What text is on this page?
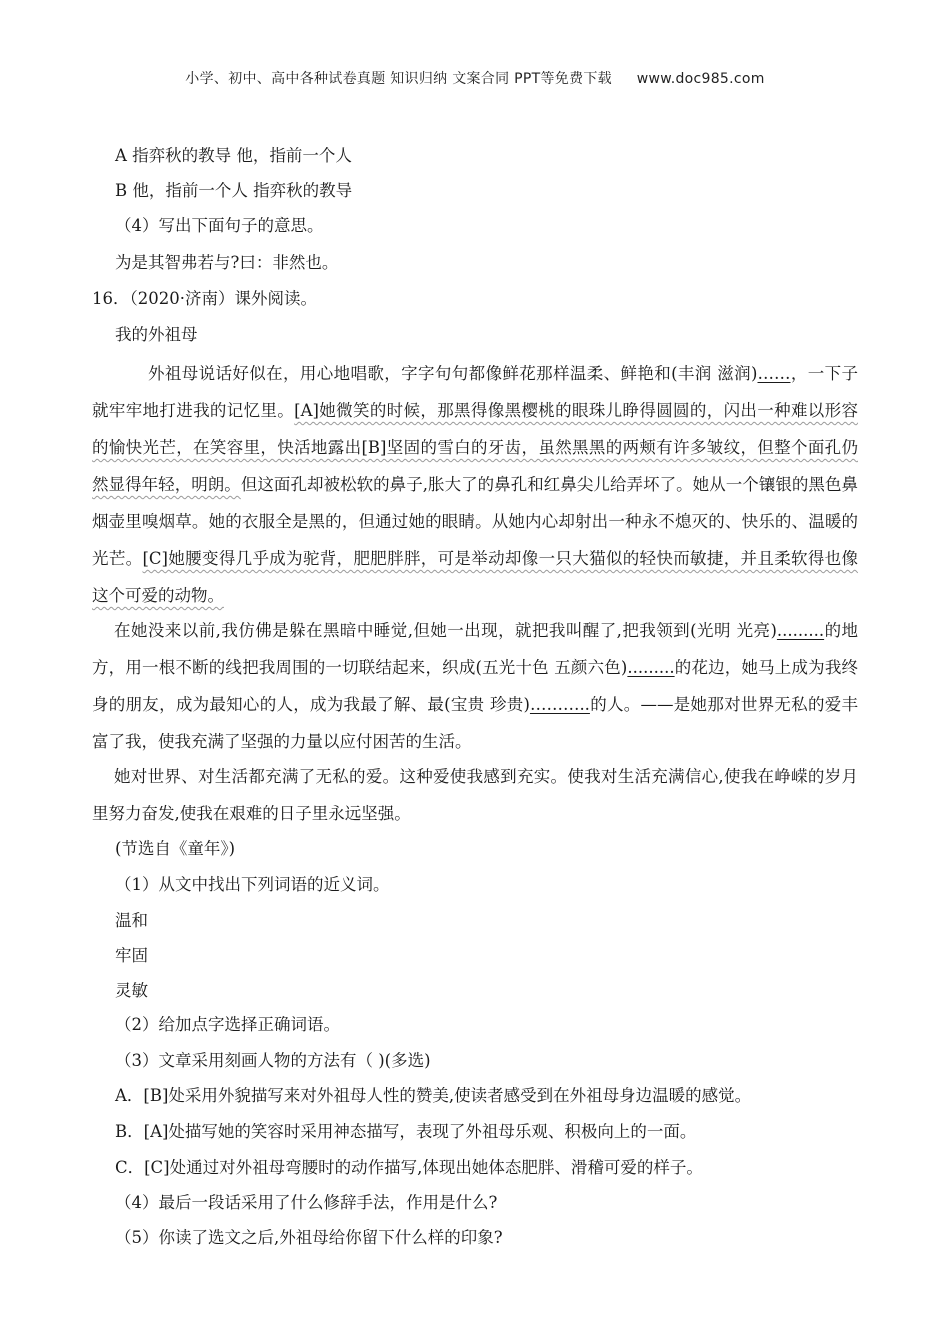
小学、初中、高中各种试卷真题 知识归纳 文案合同 PPT等免费下载 www.doc985.com
A 指弈秋的教导 他，指前一个人
B 他，指前一个人 指弈秋的教导
（4）写出下面句子的意思。
为是其智弗若与?曰：非然也。
16．（2020·济南）课外阅读。
我的外祖母
外祖母说话好似在，用心地唱歌，字字句句都像鲜花那样温柔、鲜艳和(丰润 滋润)……，一下子就牢牢地打进我的记忆里。[A]她微笑的时候，那黑得像黑樱桃的眼珠儿睁得圆圆的，闪出一种难以形容的愉快光芒，在笑容里，快活地露出[B]坚固的雪白的牙齿，虽然黑黑的两颊有许多皱纹，但整个面孔仍然显得年轻，明朗。但这面孔却被松软的鼻子,胀大了的鼻孔和红鼻尖儿给弄坏了。她从一个镶银的黑色鼻烟壶里嗅烟草。她的衣服全是黑的，但通过她的眼睛。从她内心却射出一种永不熄灭的、快乐的、温暖的光芒。[C]她腰变得几乎成为驼背，肥肥胖胖，可是举动却像一只大猫似的轻快而敏捷，并且柔软得也像这个可爱的动物。
在她没来以前,我仿佛是躲在黑暗中睡觉,但她一出现，就把我叫醒了,把我领到(光明 光亮).........的地方，用一根不断的线把我周围的一切联结起来，织成(五光十色 五颜六色).........的花边，她马上成为我终身的朋友，成为最知心的人，成为我最了解、最(宝贵 珍贵)………..的人。——是她那对世界无私的爱丰富了我，使我充满了坚强的力量以应付困苦的生活。
她对世界、对生活都充满了无私的爱。这种爱使我感到充实。使我对生活充满信心,使我在峥嵘的岁月里努力奋发,使我在艰难的日子里永远坚强。
(节选自《童年》)
（1）从文中找出下列词语的近义词。
温和
牢固
灵敏
（2）给加点字选择正确词语。
（3）文章采用刻画人物的方法有（ )(多选)
A．[B]处采用外貌描写来对外祖母人性的赞美,使读者感受到在外祖母身边温暖的感觉。
B．[A]处描写她的笑容时采用神态描写，表现了外祖母乐观、积极向上的一面。
C．[C]处通过对外祖母弯腰时的动作描写,体现出她体态肥胖、滑稽可爱的样子。
（4）最后一段话采用了什么修辞手法，作用是什么?
（5）你读了选文之后,外祖母给你留下什么样的印象?
